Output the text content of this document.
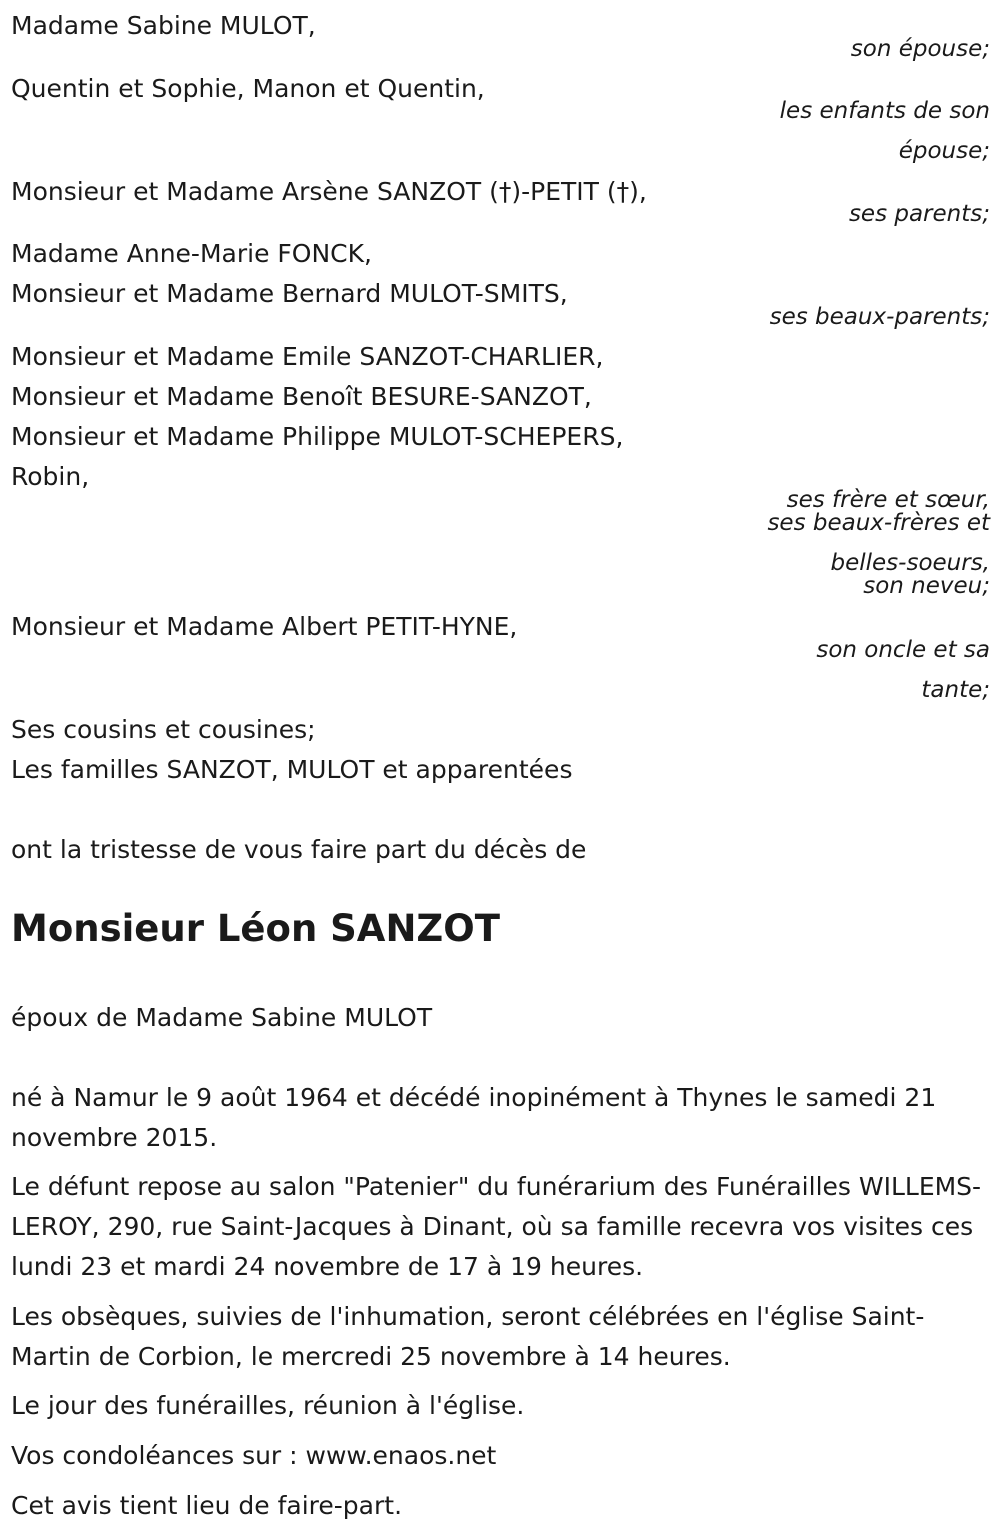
Madame Sabine MULOT,
son épouse;
Quentin et Sophie, Manon et Quentin,
les enfants de son
épouse;
Monsieur et Madame Arsène SANZOT (†)-PETIT (†),
ses parents;
Madame Anne-Marie FONCK,
Monsieur et Madame Bernard MULOT-SMITS,
ses beaux-parents;
Monsieur et Madame Emile SANZOT-CHARLIER,
Monsieur et Madame Benoît BESURE-SANZOT,
Monsieur et Madame Philippe MULOT-SCHEPERS,
Robin,
ses frère et sœur,
ses beaux-frères et
belles-soeurs,
son neveu;
Monsieur et Madame Albert PETIT-HYNE,
son oncle et sa
tante;
Ses cousins et cousines;
Les familles SANZOT, MULOT et apparentées
ont la tristesse de vous faire part du décès de
Monsieur Léon SANZOT
époux de Madame Sabine MULOT
né à Namur le 9 août 1964 et décédé inopinément à Thynes le samedi 21 novembre 2015.
Le défunt repose au salon "Patenier" du funérarium des Funérailles WILLEMS-LEROY, 290, rue Saint-Jacques à Dinant, où sa famille recevra vos visites ces lundi 23 et mardi 24 novembre de 17 à 19 heures.
Les obsèques, suivies de l'inhumation, seront célébrées en l'église Saint-Martin de Corbion, le mercredi 25 novembre à 14 heures.
Le jour des funérailles, réunion à l'église.
Vos condoléances sur : www.enaos.net
Cet avis tient lieu de faire-part.
